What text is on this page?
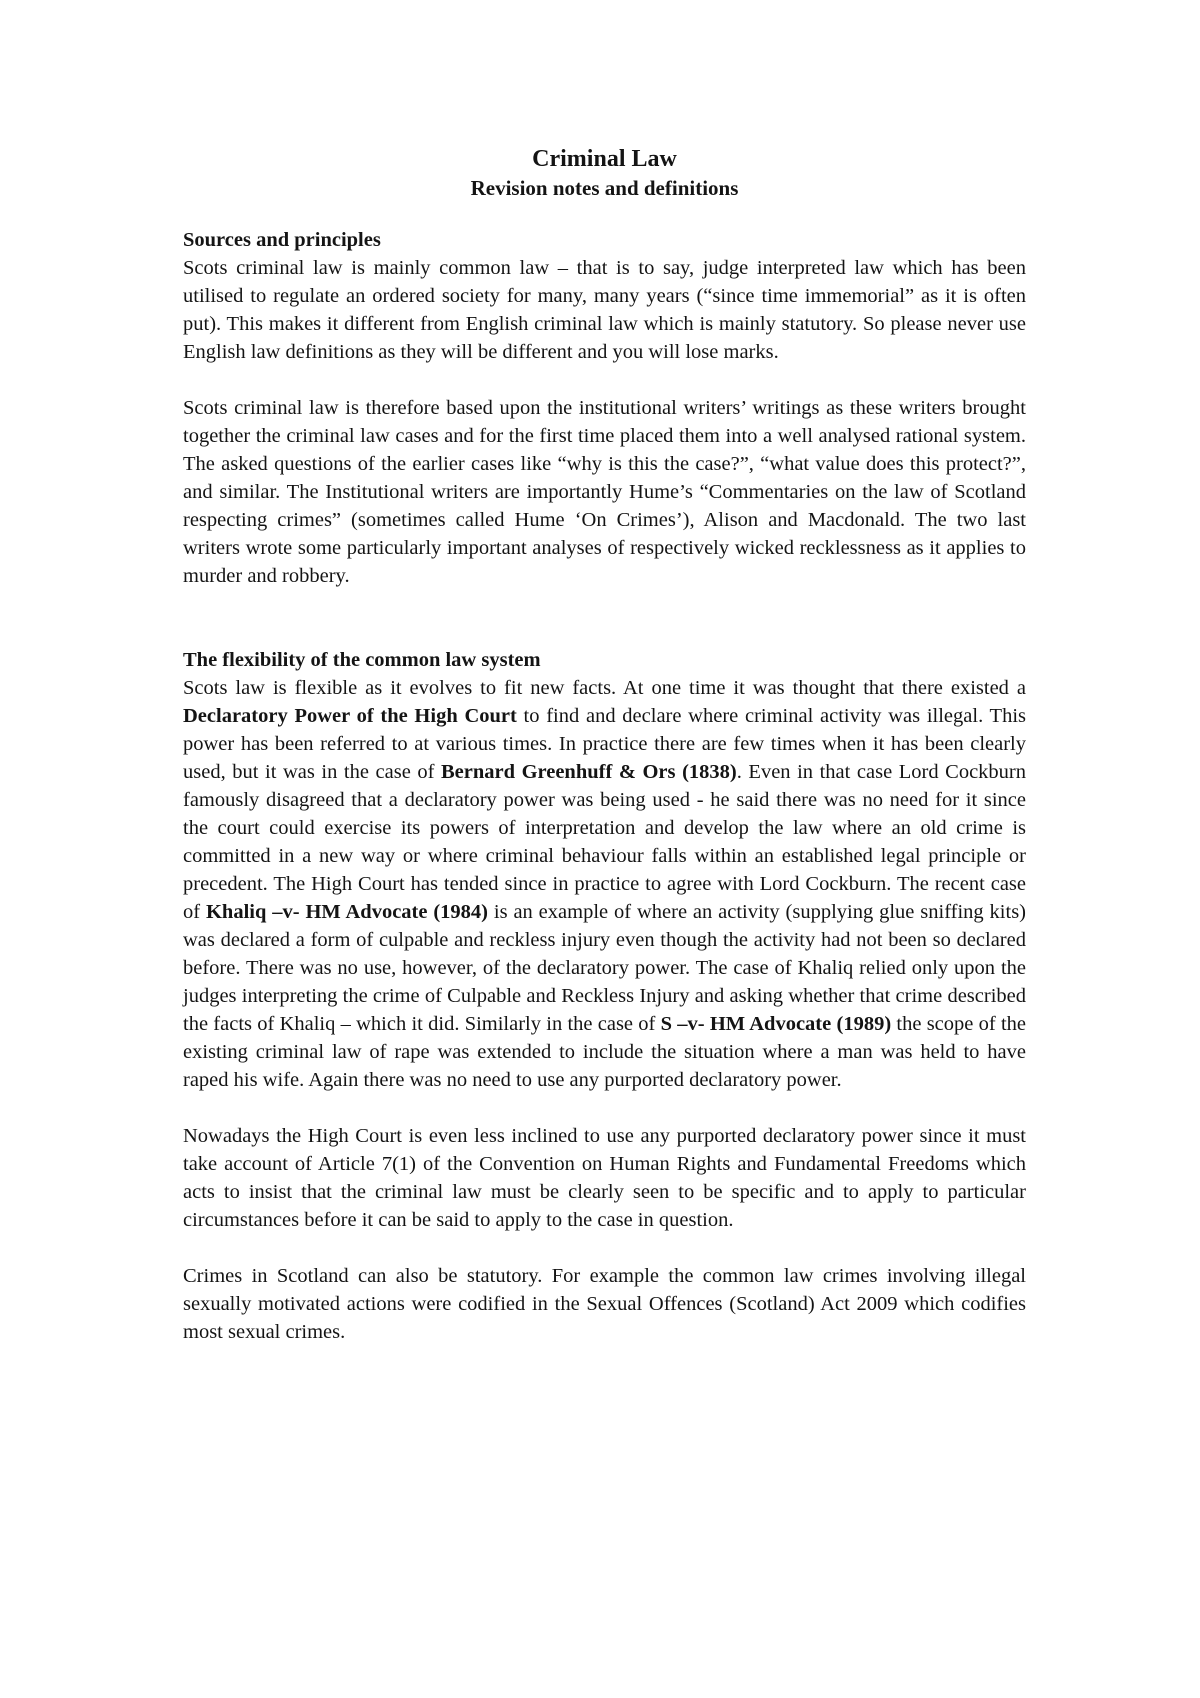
Criminal Law
Revision notes and definitions
Sources and principles

Scots criminal law is mainly common law – that is to say, judge interpreted law which has been utilised to regulate an ordered society for many, many years (“since time immemorial” as it is often put). This makes it different from English criminal law which is mainly statutory. So please never use English law definitions as they will be different and you will lose marks.

Scots criminal law is therefore based upon the institutional writers’ writings as these writers brought together the criminal law cases and for the first time placed them into a well analysed rational system. The asked questions of the earlier cases like “why is this the case?”, “what value does this protect?”, and similar. The Institutional writers are importantly Hume’s “Commentaries on the law of Scotland respecting crimes” (sometimes called Hume ‘On Crimes’), Alison and Macdonald. The two last writers wrote some particularly important analyses of respectively wicked recklessness as it applies to murder and robbery.

The flexibility of the common law system

Scots law is flexible as it evolves to fit new facts. At one time it was thought that there existed a Declaratory Power of the High Court to find and declare where criminal activity was illegal. This power has been referred to at various times. In practice there are few times when it has been clearly used, but it was in the case of Bernard Greenhuff & Ors (1838). Even in that case Lord Cockburn famously disagreed that a declaratory power was being used - he said there was no need for it since the court could exercise its powers of interpretation and develop the law where an old crime is committed in a new way or where criminal behaviour falls within an established legal principle or precedent. The High Court has tended since in practice to agree with Lord Cockburn. The recent case of Khaliq –v- HM Advocate (1984) is an example of where an activity (supplying glue sniffing kits) was declared a form of culpable and reckless injury even though the activity had not been so declared before. There was no use, however, of the declaratory power. The case of Khaliq relied only upon the judges interpreting the crime of Culpable and Reckless Injury and asking whether that crime described the facts of Khaliq – which it did. Similarly in the case of S –v- HM Advocate (1989) the scope of the existing criminal law of rape was extended to include the situation where a man was held to have raped his wife. Again there was no need to use any purported declaratory power.

Nowadays the High Court is even less inclined to use any purported declaratory power since it must take account of Article 7(1) of the Convention on Human Rights and Fundamental Freedoms which acts to insist that the criminal law must be clearly seen to be specific and to apply to particular circumstances before it can be said to apply to the case in question.

Crimes in Scotland can also be statutory. For example the common law crimes involving illegal sexually motivated actions were codified in the Sexual Offences (Scotland) Act 2009 which codifies most sexual crimes.
